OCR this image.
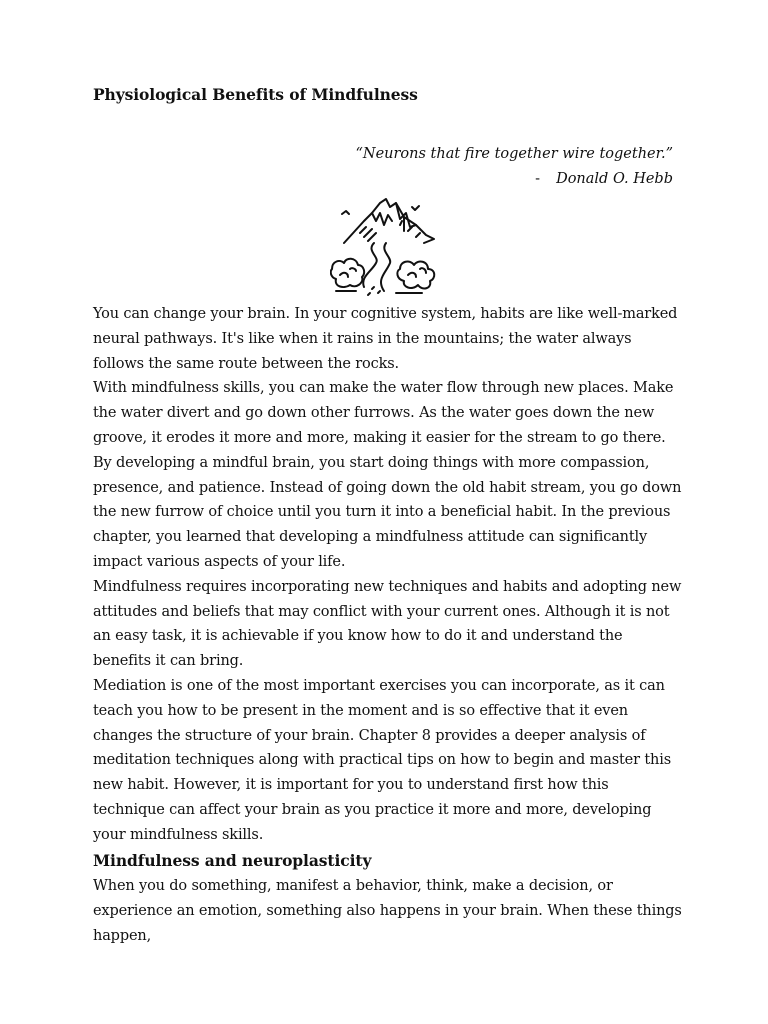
Physiological Benefits of Mindfulness

“Neurons that fire together wire together.”

- Donald O. Hebb

You can change your brain. In your cognitive system, habits are like well-marked neural pathways. It's like when it rains in the mountains; the water always follows the same route between the rocks.

With mindfulness skills, you can make the water flow through new places. Make the water divert and go down other furrows. As the water goes down the new groove, it erodes it more and more, making it easier for the stream to go there.

By developing a mindful brain, you start doing things with more compassion, presence, and patience. Instead of going down the old habit stream, you go down the new furrow of choice until you turn it into a beneficial habit. In the previous chapter, you learned that developing a mindfulness attitude can significantly impact various aspects of your life.

Mindfulness requires incorporating new techniques and habits and adopting new attitudes and beliefs that may conflict with your current ones. Although it is not an easy task, it is achievable if you know how to do it and understand the benefits it can bring.

Mediation is one of the most important exercises you can incorporate, as it can teach you how to be present in the moment and is so effective that it even changes the structure of your brain. Chapter 8 provides a deeper analysis of meditation techniques along with practical tips on how to begin and master this new habit. However, it is important for you to understand first how this technique can affect your brain as you practice it more and more, developing your mindfulness skills.

Mindfulness and neuroplasticity

When you do something, manifest a behavior, think, make a decision, or experience an emotion, something also happens in your brain. When these things happen,
